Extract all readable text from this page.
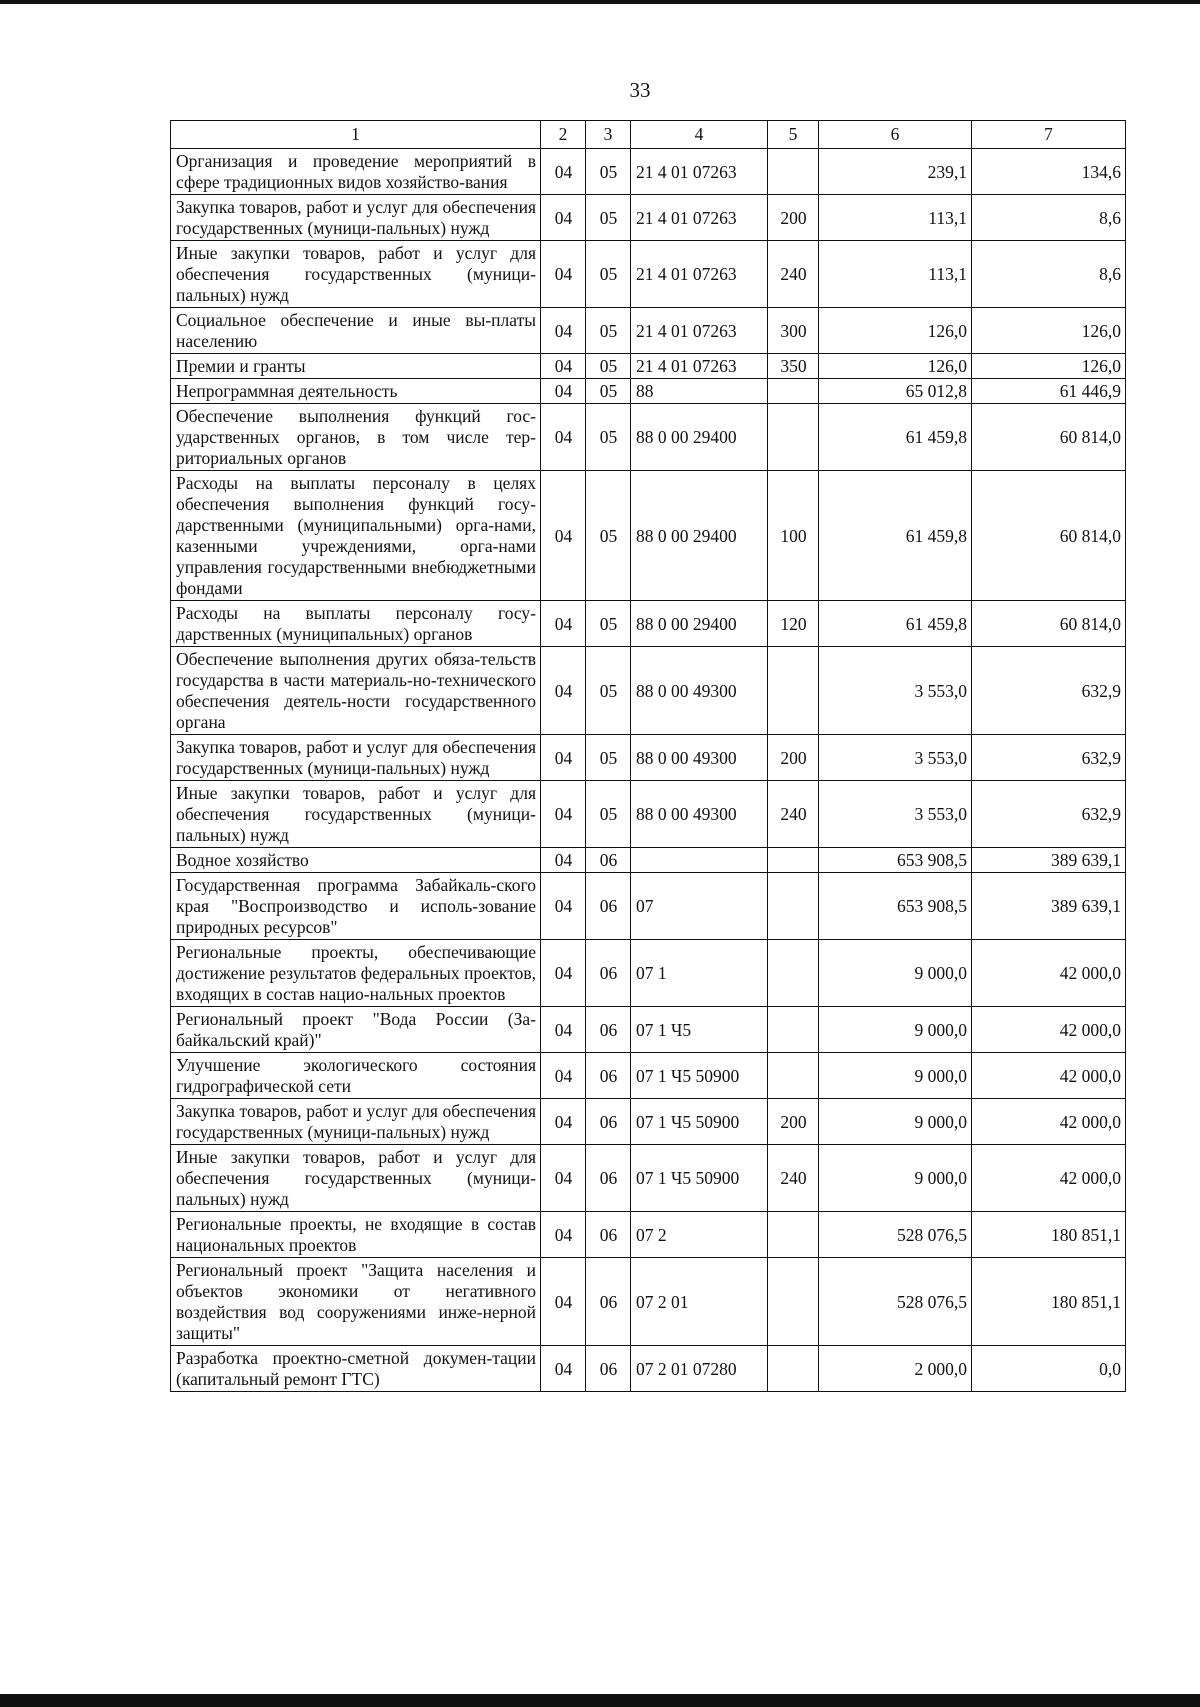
33
1	2	3	4	5	6	7
Организация и проведение мероприятий в сфере традиционных видов хозяйство-вания	04	05	21 4 01 07263		239,1	134,6
Закупка товаров, работ и услуг для обеспечения государственных (муници-пальных) нужд	04	05	21 4 01 07263	200	113,1	8,6
Иные закупки товаров, работ и услуг для обеспечения государственных (муници-пальных) нужд	04	05	21 4 01 07263	240	113,1	8,6
Социальное обеспечение и иные вы-платы населению	04	05	21 4 01 07263	300	126,0	126,0
Премии и гранты	04	05	21 4 01 07263	350	126,0	126,0
Непрограммная деятельность	04	05	88		65 012,8	61 446,9
Обеспечение выполнения функций гос-ударственных органов, в том числе тер-риториальных органов	04	05	88 0 00 29400		61 459,8	60 814,0
Расходы на выплаты персоналу в целях обеспечения выполнения функций госу-дарственными (муниципальными) орга-нами, казенными учреждениями, орга-нами управления государственными внебюджетными фондами	04	05	88 0 00 29400	100	61 459,8	60 814,0
Расходы на выплаты персоналу госу-дарственных (муниципальных) органов	04	05	88 0 00 29400	120	61 459,8	60 814,0
Обеспечение выполнения других обяза-тельств государства в части материаль-но-технического обеспечения деятель-ности государственного органа	04	05	88 0 00 49300		3 553,0	632,9
Закупка товаров, работ и услуг для обеспечения государственных (муници-пальных) нужд	04	05	88 0 00 49300	200	3 553,0	632,9
Иные закупки товаров, работ и услуг для обеспечения государственных (муници-пальных) нужд	04	05	88 0 00 49300	240	3 553,0	632,9
Водное хозяйство	04	06			653 908,5	389 639,1
Государственная программа Забайкаль-ского края "Воспроизводство и исполь-зование природных ресурсов"	04	06	07		653 908,5	389 639,1
Региональные проекты, обеспечивающие достижение результатов федеральных проектов, входящих в состав нацио-нальных проектов	04	06	07 1		9 000,0	42 000,0
Региональный проект "Вода России (За-байкальский край)"	04	06	07 1 Ч5		9 000,0	42 000,0
Улучшение экологического состояния гидрографической сети	04	06	07 1 Ч5 50900		9 000,0	42 000,0
Закупка товаров, работ и услуг для обеспечения государственных (муници-пальных) нужд	04	06	07 1 Ч5 50900	200	9 000,0	42 000,0
Иные закупки товаров, работ и услуг для обеспечения государственных (муници-пальных) нужд	04	06	07 1 Ч5 50900	240	9 000,0	42 000,0
Региональные проекты, не входящие в состав национальных проектов	04	06	07 2		528 076,5	180 851,1
Региональный проект "Защита населения и объектов экономики от негативного воздействия вод сооружениями инже-нерной защиты"	04	06	07 2 01		528 076,5	180 851,1
Разработка проектно-сметной докумен-тации (капитальный ремонт ГТС)	04	06	07 2 01 07280		2 000,0	0,0
